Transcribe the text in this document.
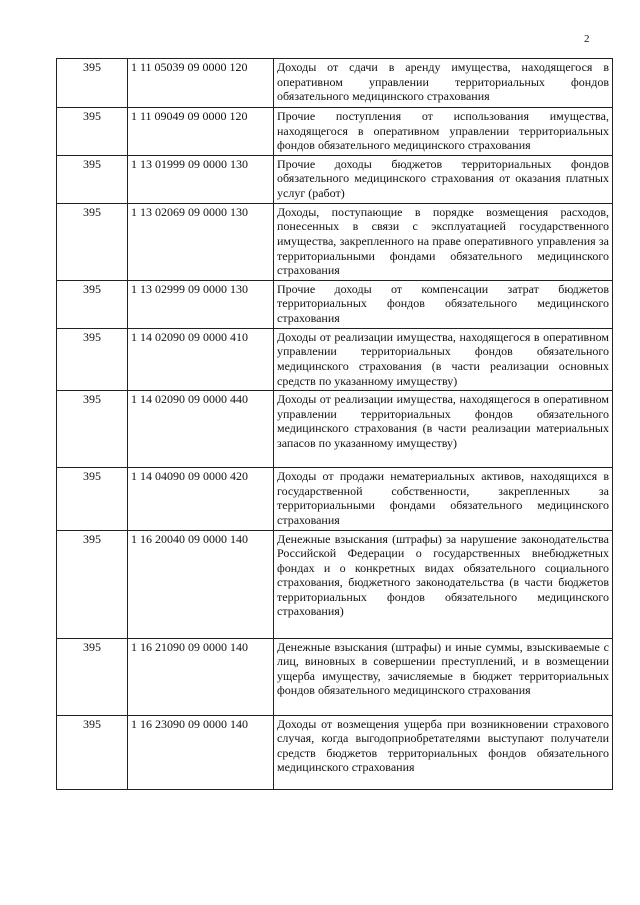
2
395	1 11 05039 09 0000 120	Доходы от сдачи в аренду имущества, находящегося в оперативном управлении территориальных фондов обязательного медицинского страхования
395	1 11 09049 09 0000 120	Прочие поступления от использования имущества, находящегося в оперативном управлении территориальных фондов обязательного медицинского страхования
395	1 13 01999 09 0000 130	Прочие доходы бюджетов территориальных фондов обязательного медицинского страхования от оказания платных услуг (работ)
395	1 13 02069 09 0000 130	Доходы, поступающие в порядке возмещения расходов, понесенных в связи с эксплуатацией государственного имущества, закрепленного на праве оперативного управления за территориальными фондами обязательного медицинского страхования
395	1 13 02999 09 0000 130	Прочие доходы от компенсации затрат бюджетов территориальных фондов обязательного медицинского страхования
395	1 14 02090 09 0000 410	Доходы от реализации имущества, находящегося в оперативном управлении территориальных фондов обязательного медицинского страхования (в части реализации основных средств по указанному имуществу)
395	1 14 02090 09 0000 440	Доходы от реализации имущества, находящегося в оперативном управлении территориальных фондов обязательного медицинского страхования (в части реализации материальных запасов по указанному имуществу)
395	1 14 04090 09 0000 420	Доходы от продажи нематериальных активов, находящихся в государственной собственности, закрепленных за территориальными фондами обязательного медицинского страхования
395	1 16 20040 09 0000 140	Денежные взыскания (штрафы) за нарушение законодательства Российской Федерации о государственных внебюджетных фондах и о конкретных видах обязательного социального страхования, бюджетного законодательства (в части бюджетов территориальных фондов обязательного медицинского страхования)
395	1 16 21090 09 0000 140	Денежные взыскания (штрафы) и иные суммы, взыскиваемые с лиц, виновных в совершении преступлений, и в возмещении ущерба имуществу, зачисляемые в бюджет территориальных фондов обязательного медицинского страхования
395	1 16 23090 09 0000 140	Доходы от возмещения ущерба при возникновении страхового случая, когда выгодоприобретателями выступают получатели средств бюджетов территориальных фондов обязательного медицинского страхования
